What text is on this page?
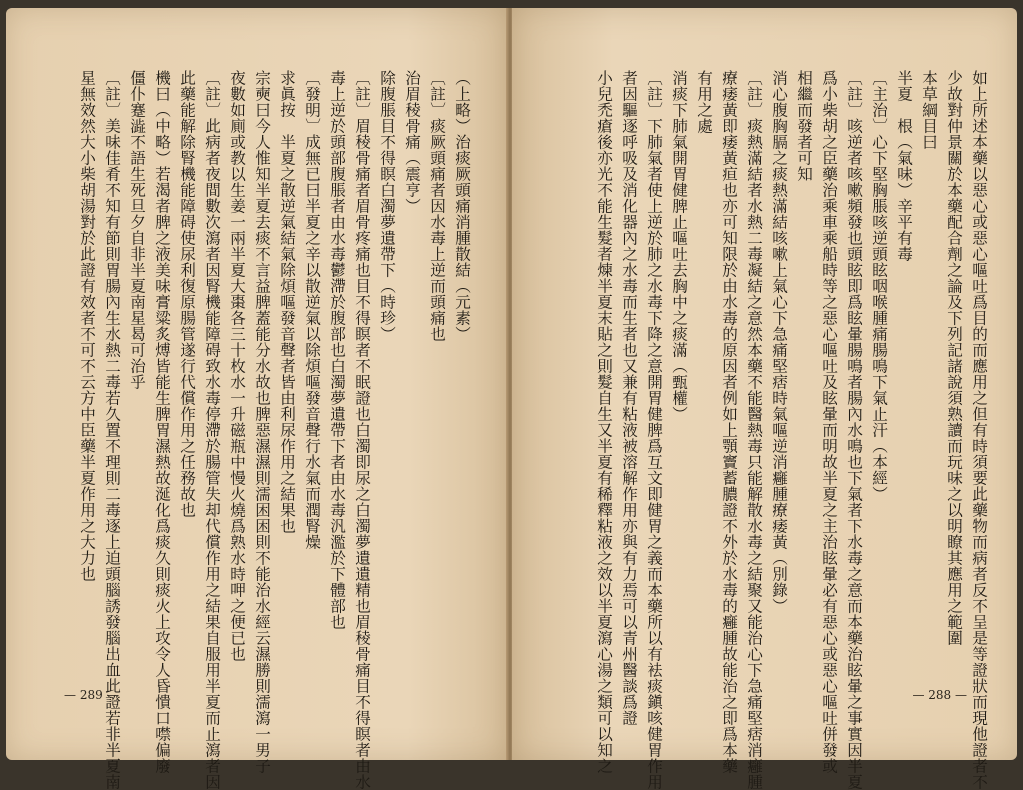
（上略）治痰厥頭痛消腫散結（元素）
〔註〕痰厥頭痛者因水毒上逆而頭痛也
治眉稜骨痛（震亨）
除腹脹目不得瞑白濁夢遺帶下（時珍）
〔註〕眉稜骨痛者眉骨疼痛也目不得瞑者不眠證也白濁即尿之白濁夢遺遺精也眉稜骨痛目不得瞑者由水
毒上逆於頭部腹脹者由水毒鬱滯於腹部也白濁夢遺帶下者由水毒汎濫於下體部也
〔發明〕成無已曰半夏之辛以散逆氣以除煩嘔發音聲行水氣而潤腎燥
求眞按　半夏之散逆氣結氣除煩嘔發音聲者皆由利尿作用之結果也
宗奭曰今人惟知半夏去痰不言益脾蓋能分水故也脾惡濕濕則濡困困則不能治水經云濕勝則濡瀉一男子
夜數如廁或教以生姜一兩半夏大棗各三十枚水一升磁瓶中慢火燒爲熟水時呷之便已也
〔註〕此病者夜間數次瀉者因腎機能障碍致水毒停滯於腸管失却代償作用之結果自服用半夏而止瀉者因
此藥能解除腎機能障碍使尿利復原腸管遂行代償作用之任務故也
機曰（中略）若渴者脾之液美味膏粱炙煿皆能生脾胃濕熱故涎化爲痰久則痰火上攻令人昏憒口噤偏廢
僵仆蹇澁不語生死旦夕自非半夏南星曷可治乎
〔註〕美味佳肴不知有節則胃腸內生水熱二毒若久置不理則二毒逐上迫頭腦誘發腦出血此證若非半夏南
星無效然大小柴胡湯對於此證有效者不可不云方中臣藥半夏作用之大力也
— 289 —	如上所述本藥以惡心或惡心嘔吐爲目的而應用之但有時須要此藥物而病者反不呈是等證狀而現他證者不
少故對仲景關於本藥配合劑之論及下列記諸說須熟讀而玩味之以明瞭其應用之範圍
本草綱目曰
半夏　根（氣味）辛平有毒
〔主治〕心下堅胸脹咳逆頭眩咽喉腫痛腸鳴下氣止汗（本經）
〔註〕咳逆者咳嗽頻發也頭眩即爲眩暈腸鳴者腸內水鳴也下氣者下水毒之意而本藥治眩暈之事實因半夏
爲小柴胡之臣藥治乘車乘船時等之惡心嘔吐及眩暈而明故半夏之主治眩暈必有惡心或惡心嘔吐併發或
相繼而發者可知
消心腹胸膈之痰熱滿結咳嗽上氣心下急痛堅痞時氣嘔逆消癰腫療痿黃（別錄）
〔註〕痰熱滿結者水熱二毒凝結之意然本藥不能醫熱毒只能解散水毒之結聚又能治心下急痛堅痞消癰腫
療痿黃即痿黃疸也亦可知限於由水毒的原因者例如上顎竇蓄膿證不外於水毒的癰腫故能治之即爲本藥
有用之處
消痰下肺氣開胃健脾止嘔吐去胸中之痰滿（甄權）
〔註〕下肺氣者使上逆於肺之水毒下降之意開胃健脾爲互文即健胃之義而本藥所以有袪痰鎭咳健胃作用
者因驅逐呼吸及消化器內之水毒而生者也又兼有粘液被溶解作用亦與有力焉可以青州醫談爲證
小兒禿瘡後亦光不能生髮者煉半夏末貼之則髮自生又半夏有稀釋粘液之效以半夏瀉心湯之類可以知之	— 288 —
